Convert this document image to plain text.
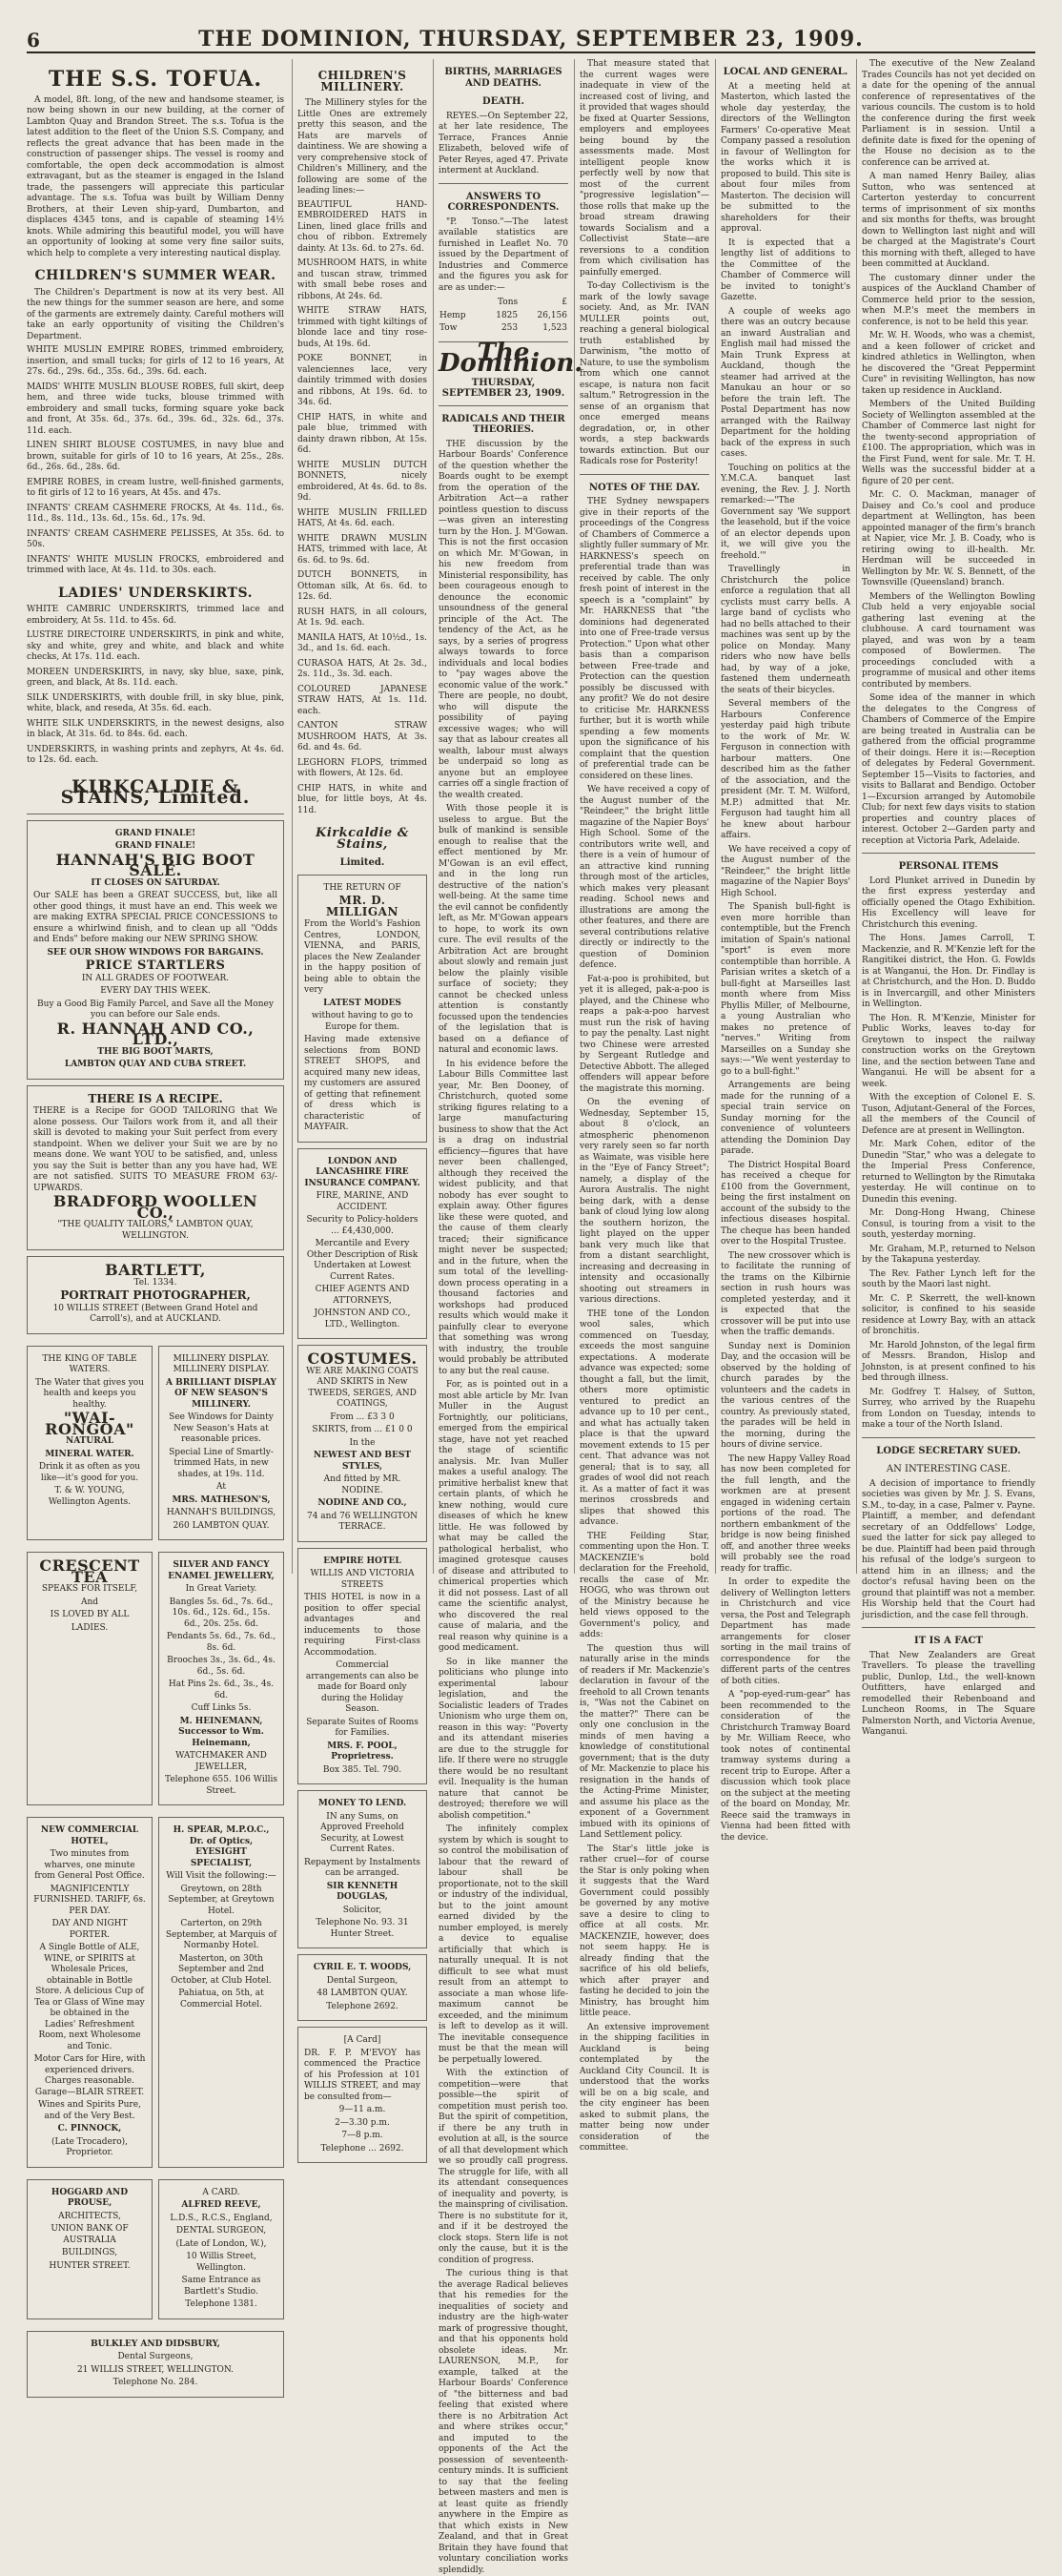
6	THE DOMINION, THURSDAY, SEPTEMBER 23, 1909.
THE S.S. TOFUA.
A model, 8ft. long, of the new and handsome steamer, is now being shown in our new building, at the corner of Lambton Quay and Brandon Street. The s.s. Tofua is the latest addition to the fleet of the Union S.S. Company, and reflects the great advance that has been made in the construction of passenger ships. The vessel is roomy and comfortable, the open deck accommodation is almost extravagant, but as the steamer is engaged in the Island trade, the passengers will appreciate this particular advantage. The s.s. Tofua was built by William Denny Brothers, at their Leven ship-yard, Dumbarton, and displaces 4345 tons, and is capable of steaming 14½ knots. While admiring this beautiful model, you will have an opportunity of looking at some very fine sailor suits, which help to complete a very interesting nautical display.
CHILDREN'S SUMMER WEAR.
The Children's Department is now at its very best. All the new things for the summer season are here, and some of the garments are extremely dainty. Careful mothers will take an early opportunity of visiting the Children's Department.
WHITE MUSLIN EMPIRE ROBES, trimmed embroidery, insertion, and small tucks; for girls of 12 to 16 years, At 27s. 6d., 29s. 6d., 35s. 6d., 39s. 6d. each.
MAIDS' WHITE MUSLIN BLOUSE ROBES, full skirt, deep hem, and three wide tucks, blouse trimmed with embroidery and small tucks, forming square yoke back and front, At 35s. 6d., 37s. 6d., 39s. 6d., 32s. 6d., 37s. 11d. each.
LINEN SHIRT BLOUSE COSTUMES, in navy blue and brown, suitable for girls of 10 to 16 years, At 25s., 28s. 6d., 26s. 6d., 28s. 6d.
EMPIRE ROBES, in cream lustre, well-finished garments, to fit girls of 12 to 16 years, At 45s. and 47s.
INFANTS' CREAM CASHMERE FROCKS, At 4s. 11d., 6s. 11d., 8s. 11d., 13s. 6d., 15s. 6d., 17s. 9d.
INFANTS' CREAM CASHMERE PELISSES, At 35s. 6d. to 50s.
INFANTS' WHITE MUSLIN FROCKS, embroidered and trimmed with lace, At 4s. 11d. to 30s. each.
LADIES' UNDERSKIRTS.
WHITE CAMBRIC UNDERSKIRTS, trimmed lace and embroidery, At 5s. 11d. to 45s. 6d.
LUSTRE DIRECTOIRE UNDERSKIRTS, in pink and white, sky and white, grey and white, and black and white checks, At 17s. 11d. each.
MOREEN UNDERSKIRTS, in navy, sky blue, saxe, pink, green, and black, At 8s. 11d. each.
SILK UNDERSKIRTS, with double frill, in sky blue, pink, white, black, and reseda, At 35s. 6d. each.
WHITE SILK UNDERSKIRTS, in the newest designs, also in black, At 31s. 6d. to 84s. 6d. each.
UNDERSKIRTS, in washing prints and zephyrs, At 4s. 6d. to 12s. 6d. each.
KIRKCALDIE & STAINS, Limited.
GRAND FINALE!
GRAND FINALE!
HANNAH'S BIG BOOT SALE.
IT CLOSES ON SATURDAY.
Our SALE has been a GREAT SUCCESS, but, like all other good things, it must have an end. This week we are making EXTRA SPECIAL PRICE CONCESSIONS to ensure a whirlwind finish, and to clean up all "Odds and Ends" before making our NEW SPRING SHOW.
SEE OUR SHOW WINDOWS FOR BARGAINS.
PRICE STARTLERS
IN ALL GRADES OF FOOTWEAR.
EVERY DAY THIS WEEK.
Buy a Good Big Family Parcel, and Save all the Money you can before our Sale ends.
R. HANNAH AND CO., LTD.,
THE BIG BOOT MARTS,
LAMBTON QUAY AND CUBA STREET.
THERE IS A RECIPE.
THERE is a Recipe for GOOD TAILORING that We alone possess. Our Tailors work from it, and all their skill is devoted to making your Suit perfect from every standpoint. When we deliver your Suit we are by no means done. We want YOU to be satisfied, and, unless you say the Suit is better than any you have had, WE are not satisfied. SUITS TO MEASURE FROM 63/- UPWARDS.
BRADFORD WOOLLEN CO.,
"THE QUALITY TAILORS," LAMBTON QUAY, WELLINGTON.
BARTLETT,
Tel. 1334.
PORTRAIT PHOTOGRAPHER,
10 WILLIS STREET (Between Grand Hotel and Carroll's), and at AUCKLAND.
THE KING OF TABLE WATERS.
The Water that gives you health and keeps you healthy.
"WAI-RONGOA"
NATURAL
MINERAL WATER.
Drink it as often as you like—it's good for you.
T. & W. YOUNG, Wellington Agents.
MILLINERY DISPLAY. MILLINERY DISPLAY.
A BRILLIANT DISPLAY OF NEW SEASON'S MILLINERY.
See Windows for Dainty New Season's Hats at reasonable prices.
Special Line of Smartly-trimmed Hats, in new shades, at 19s. 11d.
At
MRS. MATHESON'S,
HANNAH'S BUILDINGS,
260 LAMBTON QUAY.
CRESCENT TEA
SPEAKS FOR ITSELF,
And
IS LOVED BY ALL
LADIES.
SILVER AND FANCY ENAMEL JEWELLERY,
In Great Variety.
Bangles 5s. 6d., 7s. 6d., 10s. 6d., 12s. 6d., 15s. 6d., 20s. 25s. 6d.
Pendants 5s. 6d., 7s. 6d., 8s. 6d.
Brooches 3s., 3s. 6d., 4s. 6d., 5s. 6d.
Hat Pins 2s. 6d., 3s., 4s. 6d.
Cuff Links 5s.
M. HEINEMANN, Successor to Wm. Heinemann,
WATCHMAKER AND JEWELLER,
Telephone 655. 106 Willis Street.
NEW COMMERCIAL HOTEL,
Two minutes from wharves, one minute from General Post Office.
MAGNIFICENTLY FURNISHED. TARIFF, 6s. PER DAY.
DAY AND NIGHT PORTER.
A Single Bottle of ALE, WINE, or SPIRITS at Wholesale Prices, obtainable in Bottle Store. A delicious Cup of Tea or Glass of Wine may be obtained in the Ladies' Refreshment Room, next Wholesome and Tonic.
Motor Cars for Hire, with experienced drivers. Charges reasonable. Garage—BLAIR STREET.
Wines and Spirits Pure, and of the Very Best.
C. PINNOCK,
(Late Trocadero), Proprietor.
H. SPEAR, M.P.O.C., Dr. of Optics, EYESIGHT SPECIALIST,
Will Visit the following:—
Greytown, on 28th September, at Greytown Hotel.
Carterton, on 29th September, at Marquis of Normanby Hotel.
Masterton, on 30th September and 2nd October, at Club Hotel.
Pahiatua, on 5th, at Commercial Hotel.
HOGGARD AND PROUSE,
ARCHITECTS,
UNION BANK OF AUSTRALIA
BUILDINGS,
HUNTER STREET.
A CARD.
ALFRED REEVE,
L.D.S., R.C.S., England,
DENTAL SURGEON,
(Late of London, W.),
10 Willis Street, Wellington.
Same Entrance as Bartlett's Studio.
Telephone 1381.
BULKLEY AND DIDSBURY,
Dental Surgeons,
21 WILLIS STREET, WELLINGTON.
Telephone No. 284.
CHILDREN'S MILLINERY.
The Millinery styles for the Little Ones are extremely pretty this season, and the Hats are marvels of daintiness. We are showing a very comprehensive stock of Children's Millinery, and the following are some of the leading lines:—
BEAUTIFUL HAND-EMBROIDERED HATS in Linen, lined glace frills and chou of ribbon. Extremely dainty. At 13s. 6d. to 27s. 6d.
MUSHROOM HATS, in white and tuscan straw, trimmed with small bebe roses and ribbons, At 24s. 6d.
WHITE STRAW HATS, trimmed with tight kiltings of blonde lace and tiny rose-buds, At 19s. 6d.
POKE BONNET, in valenciennes lace, very daintily trimmed with dosies and ribbons, At 19s. 6d. to 34s. 6d.
CHIP HATS, in white and pale blue, trimmed with dainty drawn ribbon, At 15s. 6d.
WHITE MUSLIN DUTCH BONNETS, nicely embroidered, At 4s. 6d. to 8s. 9d.
WHITE MUSLIN FRILLED HATS, At 4s. 6d. each.
WHITE DRAWN MUSLIN HATS, trimmed with lace, At 6s. 6d. to 9s. 6d.
DUTCH BONNETS, in Ottoman silk, At 6s. 6d. to 12s. 6d.
RUSH HATS, in all colours, At 1s. 9d. each.
MANILA HATS, At 10½d., 1s. 3d., and 1s. 6d. each.
CURASOA HATS, At 2s. 3d., 2s. 11d., 3s. 3d. each.
COLOURED JAPANESE STRAW HATS, At 1s. 11d. each.
CANTON STRAW MUSHROOM HATS, At 3s. 6d. and 4s. 6d.
LEGHORN FLOPS, trimmed with flowers, At 12s. 6d.
CHIP HATS, in white and blue, for little boys, At 4s. 11d.
Kirkcaldie & Stains,
Limited.
THE RETURN OF
MR. D. MILLIGAN
From the World's Fashion Centres, LONDON, VIENNA, and PARIS, places the New Zealander in the happy position of being able to obtain the very
LATEST MODES
without having to go to Europe for them.
Having made extensive selections from BOND STREET SHOPS, and acquired many new ideas, my customers are assured of getting that refinement of dress which is characteristic of MAYFAIR.
LONDON AND LANCASHIRE FIRE INSURANCE COMPANY.
FIRE, MARINE, AND ACCIDENT.
Security to Policy-holders ... £4,430,000.
Mercantile and Every Other Description of Risk Undertaken at Lowest Current Rates.
CHIEF AGENTS AND ATTORNEYS,
JOHNSTON AND CO., LTD., Wellington.
COSTUMES.
WE ARE MAKING COATS AND SKIRTS in New TWEEDS, SERGES, AND COATINGS,
From ... £3 3 0
SKIRTS, from ... £1 0 0
In the
NEWEST AND BEST STYLES,
And fitted by MR. NODINE.
NODINE AND CO.,
74 and 76 WELLINGTON TERRACE.
EMPIRE HOTEL
WILLIS AND VICTORIA STREETS
THIS HOTEL is now in a position to offer special advantages and inducements to those requiring First-class Accommodation.
Commercial arrangements can also be made for Board only during the Holiday Season.
Separate Suites of Rooms for Families.
MRS. F. POOL, Proprietress.
Box 385. Tel. 790.
MONEY TO LEND.
IN any Sums, on Approved Freehold Security, at Lowest Current Rates.
Repayment by Instalments can be arranged.
SIR KENNETH DOUGLAS,
Solicitor,
Telephone No. 93. 31 Hunter Street.
CYRIL E. T. WOODS,
Dental Surgeon,
48 LAMBTON QUAY.
Telephone 2692.
[A Card]
DR. F. P. M'EVOY has commenced the Practice of his Profession at 101 WILLIS STREET, and may be consulted from—
9—11 a.m.
2—3.30 p.m.
7—8 p.m.
Telephone ... 2692.
BIRTHS, MARRIAGES AND DEATHS.
DEATH.
REYES.—On September 22, at her late residence, The Terrace, Frances Annie Elizabeth, beloved wife of Peter Reyes, aged 47. Private interment at Auckland.
ANSWERS TO CORRESPONDENTS.
"P. Tonso."—The latest available statistics are furnished in Leaflet No. 70 issued by the Department of Industries and Commerce and the figures you ask for are as under:—
	Tons	£
Hemp	1825	26,156
Tow	253	1,523
The Dominion.
THURSDAY, SEPTEMBER 23, 1909.
RADICALS AND THEIR THEORIES.
THE discussion by the Harbour Boards' Conference of the question whether the Boards ought to be exempt from the operation of the Arbitration Act—a rather pointless question to discuss—was given an interesting turn by the Hon. J. M'Gowan. This is not the first occasion on which Mr. M'Gowan, in his new freedom from Ministerial responsibility, has been courageous enough to denounce the economic unsoundness of the general principle of the Act. The tendency of the Act, as he says, by a series of progress always towards to force individuals and local bodies to "pay wages above the economic value of the work." There are people, no doubt, who will dispute the possibility of paying excessive wages; who will say that as labour creates all wealth, labour must always be underpaid so long as anyone but an employee carries off a single fraction of the wealth created.
With those people it is useless to argue. But the bulk of mankind is sensible enough to realise that the effect mentioned by Mr. M'Gowan is an evil effect, and in the long run destructive of the nation's well-being. At the same time the evil cannot be confidently left, as Mr. M'Gowan appears to hope, to work its own cure. The evil results of the Arbitration Act are brought about slowly and remain just below the plainly visible surface of society; they cannot be checked unless attention is constantly focussed upon the tendencies of the legislation that is based on a defiance of natural and economic laws.
In his evidence before the Labour Bills Committee last year, Mr. Ben Dooney, of Christchurch, quoted some striking figures relating to a large manufacturing business to show that the Act is a drag on industrial efficiency—figures that have never been challenged, although they received the widest publicity, and that nobody has ever sought to explain away. Other figures like these were quoted, and the cause of them clearly traced; their significance might never be suspected; and in the future, when the sum total of the levelling-down process operating in a thousand factories and workshops had produced results which would make it painfully clear to everyone that something was wrong with industry, the trouble would probably be attributed to any but the real cause.
For, as is pointed out in a most able article by Mr. Ivan Muller in the August Fortnightly, our politicians, emerged from the empirical stage, have not yet reached the stage of scientific analysis. Mr. Ivan Muller makes a useful analogy. The primitive herbalist knew that certain plants, of which he knew nothing, would cure diseases of which he knew little. He was followed by what may be called the pathological herbalist, who imagined grotesque causes of disease and attributed to chimerical properties which it did not possess. Last of all came the scientific analyst, who discovered the real cause of malaria, and the real reason why quinine is a good medicament.
So in like manner the politicians who plunge into experimental labour legislation, and the Socialistic leaders of Trades Unionism who urge them on, reason in this way: "Poverty and its attendant miseries are due to the struggle for life. If there were no struggle there would be no resultant evil. Inequality is the human nature that cannot be destroyed; therefore we will abolish competition."
The infinitely complex system by which is sought to so control the mobilisation of labour that the reward of labour shall be proportionate, not to the skill or industry of the individual, but to the joint amount earned divided by the number employed, is merely a device to equalise artificially that which is naturally unequal. It is not difficult to see what must result from an attempt to associate a man whose life-maximum cannot be exceeded, and the minimum is left to develop as it will. The inevitable consequence must be that the mean will be perpetually lowered.
With the extinction of competition—were that possible—the spirit of competition must perish too. But the spirit of competition, if there be any truth in evolution at all, is the source of all that development which we so proudly call progress. The struggle for life, with all its attendant consequences of inequality and poverty, is the mainspring of civilisation. There is no substitute for it, and if it be destroyed the clock stops. Stern life is not only the cause, but it is the condition of progress.
The curious thing is that the average Radical believes that his remedies for the inequalities of society and industry are the high-water mark of progressive thought, and that his opponents hold obsolete ideas. Mr. LAURENSON, M.P., for example, talked at the Harbour Boards' Conference of "the bitterness and bad feeling that existed where there is no Arbitration Act and where strikes occur," and imputed to the opponents of the Act the possession of seventeenth-century minds. It is sufficient to say that the feeling between masters and men is at least quite as friendly anywhere in the Empire as that which exists in New Zealand, and that in Great Britain they have found that voluntary conciliation works splendidly.
That measure stated that the current wages were inadequate in view of the increased cost of living, and it provided that wages should be fixed at Quarter Sessions, employers and employees being bound by the assessments made. Most intelligent people know perfectly well by now that most of the current "progressive legislation"—those rolls that make up the broad stream drawing towards Socialism and a Collectivist State—are reversions to a condition from which civilisation has painfully emerged.
To-day Collectivism is the mark of the lowly savage society. And, as Mr. IVAN MULLER points out, reaching a general biological truth established by Darwinism, "the motto of Nature, to use the symbolism from which one cannot escape, is natura non facit saltum." Retrogression in the sense of an organism that once emerged means degradation, or, in other words, a step backwards towards extinction. But our Radicals rose for Posterity!
NOTES OF THE DAY.
THE Sydney newspapers give in their reports of the proceedings of the Congress of Chambers of Commerce a slightly fuller summary of Mr. HARKNESS's speech on preferential trade than was received by cable. The only fresh point of interest in the speech is a "complaint" by Mr. HARKNESS that "the dominions had degenerated into one of Free-trade versus Protection." Upon what other basis than a comparison between Free-trade and Protection can the question possibly be discussed with any profit? We do not desire to criticise Mr. HARKNESS further, but it is worth while spending a few moments upon the significance of his complaint that the question of preferential trade can be considered on these lines.
We have received a copy of the August number of the "Reindeer," the bright little magazine of the Napier Boys' High School. Some of the contributors write well, and there is a vein of humour of an attractive kind running through most of the articles, which makes very pleasant reading. School news and illustrations are among the other features, and there are several contributions relative directly or indirectly to the question of Dominion defence.
Fat-a-poo is prohibited, but yet it is alleged, pak-a-poo is played, and the Chinese who reaps a pak-a-poo harvest must run the risk of having to pay the penalty. Last night two Chinese were arrested by Sergeant Rutledge and Detective Abbott. The alleged offenders will appear before the magistrate this morning.
On the evening of Wednesday, September 15, about 8 o'clock, an atmospheric phenomenon very rarely seen so far north as Waimate, was visible here in the "Eye of Fancy Street"; namely, a display of the Aurora Australis. The night being dark, with a dense bank of cloud lying low along the southern horizon, the light played on the upper bank very much like that from a distant searchlight, increasing and decreasing in intensity and occasionally shooting out streamers in various directions.
THE tone of the London wool sales, which commenced on Tuesday, exceeds the most sanguine expectations. A moderate advance was expected; some thought a fall, but the limit, others more optimistic ventured to predict an advance up to 10 per cent., and what has actually taken place is that the upward movement extends to 15 per cent. That advance was not general; that is to say, all grades of wool did not reach it. As a matter of fact it was merinos crossbreds and slipes that showed this advance.
THE Feilding Star, commenting upon the Hon. T. MACKENZIE's bold declaration for the Freehold, recalls the case of Mr. HOGG, who was thrown out of the Ministry because he held views opposed to the Government's policy, and adds:
The question thus will naturally arise in the minds of readers if Mr. Mackenzie's declaration in favour of the freehold to all Crown tenants is, "Was not the Cabinet on the matter?" There can be only one conclusion in the minds of men having a knowledge of constitutional government; that is the duty of Mr. Mackenzie to place his resignation in the hands of the Acting-Prime Minister, and assume his place as the exponent of a Government imbued with its opinions of Land Settlement policy.
The Star's little joke is rather cruel—for of course the Star is only poking when it suggests that the Ward Government could possibly be governed by any motive save a desire to cling to office at all costs. Mr. MACKENZIE, however, does not seem happy. He is already finding that the sacrifice of his old beliefs, which after prayer and fasting he decided to join the Ministry, has brought him little peace.
An extensive improvement in the shipping facilities in Auckland is being contemplated by the Auckland City Council. It is understood that the works will be on a big scale, and the city engineer has been asked to submit plans, the matter being now under consideration of the committee.
LOCAL AND GENERAL.
At a meeting held at Masterton, which lasted the whole day yesterday, the directors of the Wellington Farmers' Co-operative Meat Company passed a resolution in favour of Wellington for the works which it is proposed to build. This site is about four miles from Masterton. The decision will be submitted to the shareholders for their approval.
It is expected that a lengthy list of additions to the Committee of the Chamber of Commerce will be invited to tonight's Gazette.
A couple of weeks ago there was an outcry because an inward Australian and English mail had missed the Main Trunk Express at Auckland, though the steamer had arrived at the Manukau an hour or so before the train left. The Postal Department has now arranged with the Railway Department for the holding back of the express in such cases.
Touching on politics at the Y.M.C.A. banquet last evening, the Rev. J. J. North remarked:—"The Government say 'We support the leasehold, but if the voice of an elector depends upon it, we will give you the freehold.'"
Travellingly in Christchurch the police enforce a regulation that all cyclists must carry bells. A large band of cyclists who had no bells attached to their machines was sent up by the police on Monday. Many riders who now have bells had, by way of a joke, fastened them underneath the seats of their bicycles.
Several members of the Harbours Conference yesterday paid high tribute to the work of Mr. W. Ferguson in connection with harbour matters. One described him as the father of the association, and the president (Mr. T. M. Wilford, M.P.) admitted that Mr. Ferguson had taught him all he knew about harbour affairs.
We have received a copy of the August number of the "Reindeer," the bright little magazine of the Napier Boys' High School.
The Spanish bull-fight is even more horrible than contemptible, but the French imitation of Spain's national "sport" is even more contemptible than horrible. A Parisian writes a sketch of a bull-fight at Marseilles last month where from Miss Phyllis Miller, of Melbourne, a young Australian who makes no pretence of "nerves." Writing from Marseilles on a Sunday she says:—"We went yesterday to go to a bull-fight."
Arrangements are being made for the running of a special train service on Sunday morning for the convenience of volunteers attending the Dominion Day parade.
The District Hospital Board has received a cheque for £100 from the Government, being the first instalment on account of the subsidy to the infectious diseases hospital. The cheque has been handed over to the Hospital Trustee.
The new crossover which is to facilitate the running of the trams on the Kilbirnie section in rush hours was completed yesterday, and it is expected that the crossover will be put into use when the traffic demands.
Sunday next is Dominion Day, and the occasion will be observed by the holding of church parades by the volunteers and the cadets in the various centres of the country. As previously stated, the parades will be held in the morning, during the hours of divine service.
The new Happy Valley Road has now been completed for the full length, and the workmen are at present engaged in widening certain portions of the road. The northern embankment of the bridge is now being finished off, and another three weeks will probably see the road ready for traffic.
In order to expedite the delivery of Wellington letters in Christchurch and vice versa, the Post and Telegraph Department has made arrangements for closer sorting in the mail trains of correspondence for the different parts of the centres of both cities.
A "pop-eyed-rum-gear" has been recommended to the consideration of the Christchurch Tramway Board by Mr. William Reece, who took notes of continental tramway systems during a recent trip to Europe. After a discussion which took place on the subject at the meeting of the board on Monday, Mr. Reece said the tramways in Vienna had been fitted with the device.
The executive of the New Zealand Trades Councils has not yet decided on a date for the opening of the annual conference of representatives of the various councils. The custom is to hold the conference during the first week Parliament is in session. Until a definite date is fixed for the opening of the House no decision as to the conference can be arrived at.
A man named Henry Bailey, alias Sutton, who was sentenced at Carterton yesterday to concurrent terms of imprisonment of six months and six months for thefts, was brought down to Wellington last night and will be charged at the Magistrate's Court this morning with theft, alleged to have been committed at Auckland.
The customary dinner under the auspices of the Auckland Chamber of Commerce held prior to the session, when M.P.'s meet the members in conference, is not to be held this year.
Mr. W. H. Woods, who was a chemist, and a keen follower of cricket and kindred athletics in Wellington, when he discovered the "Great Peppermint Cure" in revisiting Wellington, has now taken up residence in Auckland.
Members of the United Building Society of Wellington assembled at the Chamber of Commerce last night for the twenty-second appropriation of £100. The appropriation, which was in the First Fund, went for sale. Mr. T. H. Wells was the successful bidder at a figure of 20 per cent.
Mr. C. O. Mackman, manager of Daisey and Co.'s cool and produce department at Wellington, has been appointed manager of the firm's branch at Napier, vice Mr. J. B. Coady, who is retiring owing to ill-health. Mr. Herdman will be succeeded in Wellington by Mr. W. S. Bennett, of the Townsville (Queensland) branch.
Members of the Wellington Bowling Club held a very enjoyable social gathering last evening at the clubhouse. A card tournament was played, and was won by a team composed of Bowlermen. The proceedings concluded with a programme of musical and other items contributed by members.
Some idea of the manner in which the delegates to the Congress of Chambers of Commerce of the Empire are being treated in Australia can be gathered from the official programme of their doings. Here it is:—Reception of delegates by Federal Government. September 15—Visits to factories, and visits to Ballarat and Bendigo. October 1—Excursion arranged by Automobile Club; for next few days visits to station properties and country places of interest. October 2—Garden party and reception at Victoria Park, Adelaide.
PERSONAL ITEMS
Lord Plunket arrived in Dunedin by the first express yesterday and officially opened the Otago Exhibition. His Excellency will leave for Christchurch this evening.
The Hons. James Carroll, T. Mackenzie, and R. M'Kenzie left for the Rangitikei district, the Hon. G. Fowlds is at Wanganui, the Hon. Dr. Findlay is at Christchurch, and the Hon. D. Buddo is in Invercargill, and other Ministers in Wellington.
The Hon. R. M'Kenzie, Minister for Public Works, leaves to-day for Greytown to inspect the railway construction works on the Greytown line, and the section between Tane and Wanganui. He will be absent for a week.
With the exception of Colonel E. S. Tuson, Adjutant-General of the Forces, all the members of the Council of Defence are at present in Wellington.
Mr. Mark Cohen, editor of the Dunedin "Star," who was a delegate to the Imperial Press Conference, returned to Wellington by the Rimutaka yesterday. He will continue on to Dunedin this evening.
Mr. Dong-Hong Hwang, Chinese Consul, is touring from a visit to the south, yesterday morning.
Mr. Graham, M.P., returned to Nelson by the Takapuna yesterday.
The Rev. Father Lynch left for the south by the Maori last night.
Mr. C. P. Skerrett, the well-known solicitor, is confined to his seaside residence at Lowry Bay, with an attack of bronchitis.
Mr. Harold Johnston, of the legal firm of Messrs. Brandon, Hislop and Johnston, is at present confined to his bed through illness.
Mr. Godfrey T. Halsey, of Sutton, Surrey, who arrived by the Ruapehu from London on Tuesday, intends to make a tour of the North Island.
LODGE SECRETARY SUED.
AN INTERESTING CASE.
A decision of importance to friendly societies was given by Mr. J. S. Evans, S.M., to-day, in a case, Palmer v. Payne. Plaintiff, a member, and defendant secretary of an Oddfellows' Lodge, sued the latter for sick pay alleged to be due. Plaintiff had been paid through his refusal of the lodge's surgeon to attend him in an illness; and the doctor's refusal having been on the ground that plaintiff was not a member. His Worship held that the Court had jurisdiction, and the case fell through.
IT IS A FACT
That New Zealanders are Great Travellers. To please the travelling public, Dunlop, Ltd., the well-known Outfitters, have enlarged and remodelled their Rebenboand and Luncheon Rooms, in The Square Palmerston North, and Victoria Avenue, Wanganui.
